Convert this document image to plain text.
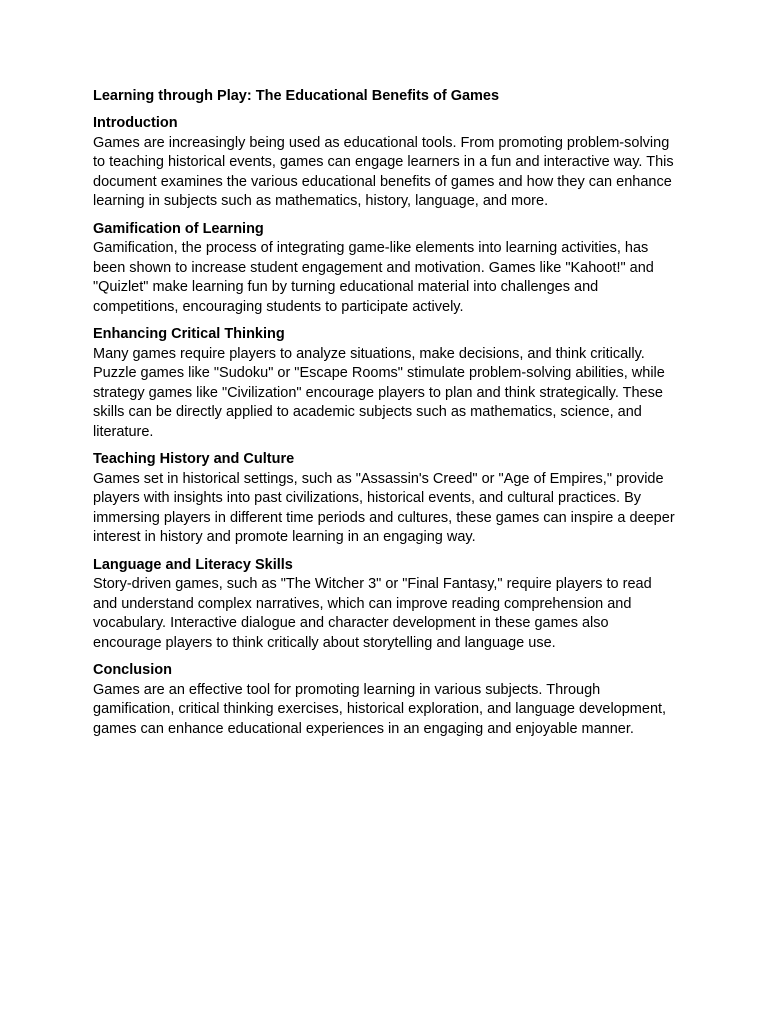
Learning through Play: The Educational Benefits of Games
Introduction

Games are increasingly being used as educational tools. From promoting problem-solving to teaching historical events, games can engage learners in a fun and interactive way. This document examines the various educational benefits of games and how they can enhance learning in subjects such as mathematics, history, language, and more.

Gamification of Learning

Gamification, the process of integrating game-like elements into learning activities, has been shown to increase student engagement and motivation. Games like "Kahoot!" and "Quizlet" make learning fun by turning educational material into challenges and competitions, encouraging students to participate actively.

Enhancing Critical Thinking

Many games require players to analyze situations, make decisions, and think critically. Puzzle games like "Sudoku" or "Escape Rooms" stimulate problem-solving abilities, while strategy games like "Civilization" encourage players to plan and think strategically. These skills can be directly applied to academic subjects such as mathematics, science, and literature.

Teaching History and Culture

Games set in historical settings, such as "Assassin's Creed" or "Age of Empires," provide players with insights into past civilizations, historical events, and cultural practices. By immersing players in different time periods and cultures, these games can inspire a deeper interest in history and promote learning in an engaging way.

Language and Literacy Skills

Story-driven games, such as "The Witcher 3" or "Final Fantasy," require players to read and understand complex narratives, which can improve reading comprehension and vocabulary. Interactive dialogue and character development in these games also encourage players to think critically about storytelling and language use.

Conclusion

Games are an effective tool for promoting learning in various subjects. Through gamification, critical thinking exercises, historical exploration, and language development, games can enhance educational experiences in an engaging and enjoyable manner.
